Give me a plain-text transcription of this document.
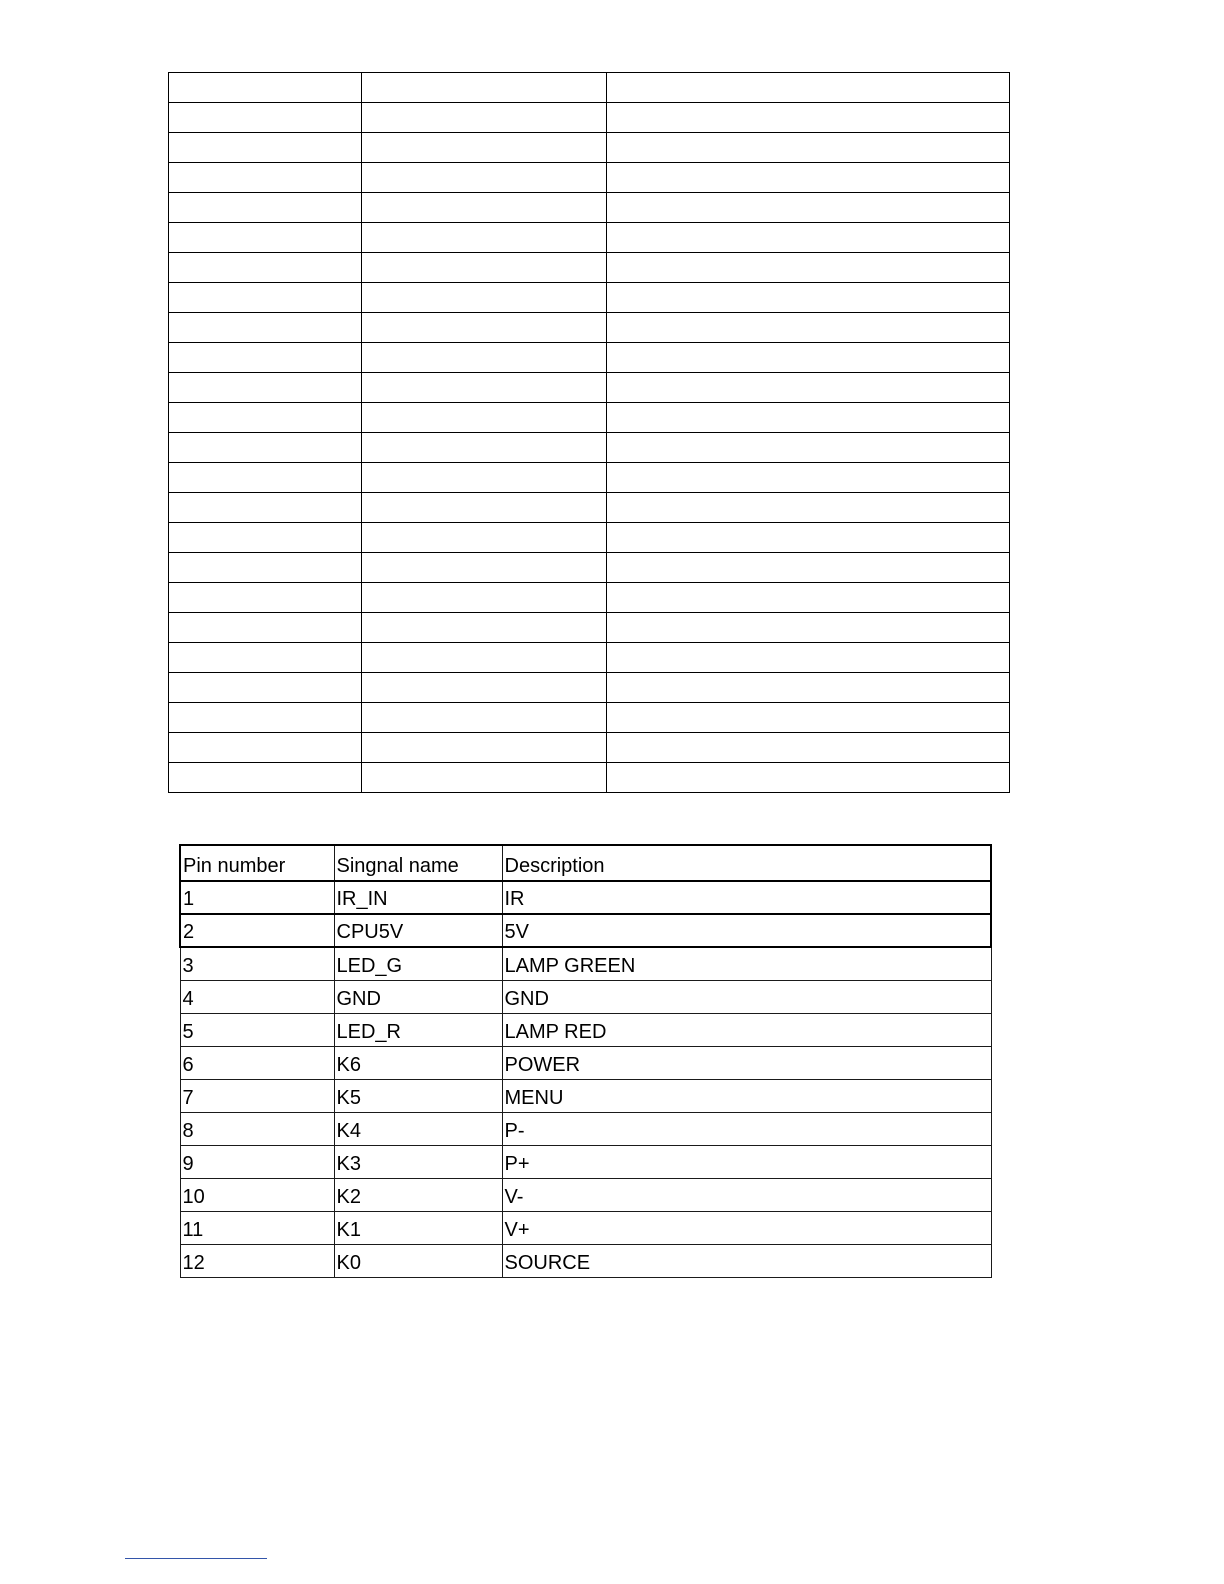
Pin number	Singnal name	Description
1	IR_IN	IR
2	CPU5V	5V
3	LED_G	LAMP GREEN
4	GND	GND
5	LED_R	LAMP RED
6	K6	POWER
7	K5	MENU
8	K4	P-
9	K3	P+
10	K2	V-
11	K1	V+
12	K0	SOURCE
